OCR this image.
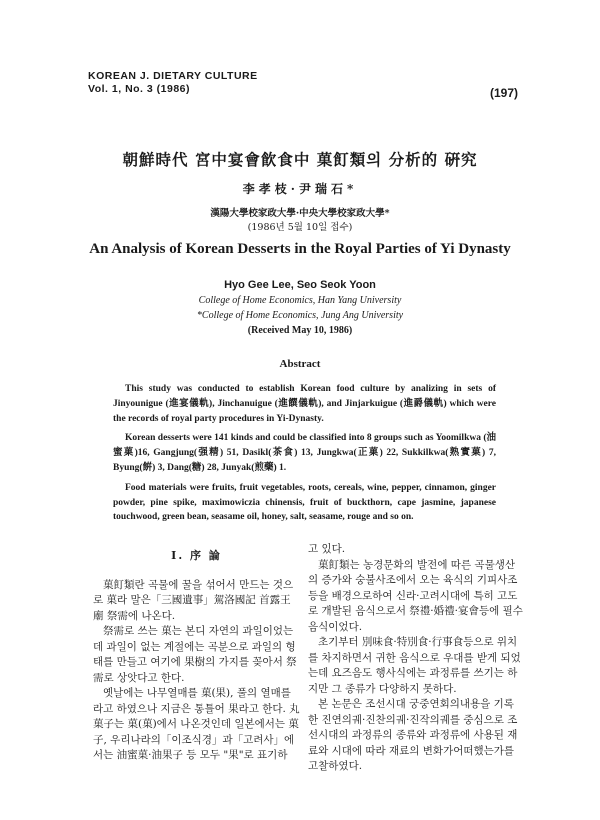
KOREAN J. DIETARY CULTURE
Vol. 1, No. 3 (1986)	(197)
朝鮮時代 宮中宴會飮食中 菓飣類의 分析的 硏究
李孝枝·尹瑞石*
漢陽大學校家政大學·中央大學校家政大學*
(1986년 5월 10일 접수)
An Analysis of Korean Desserts in the Royal Parties of Yi Dynasty
Hyo Gee Lee, Seo Seok Yoon
College of Home Economics, Han Yang University
*College of Home Economics, Jung Ang University
(Received May 10, 1986)
Abstract

This study was conducted to establish Korean food culture by analizing in sets of Jinyounigue (進宴儀軌), Jinchanuigue (進饌儀軌), and Jinjarkuigue (進爵儀軌) which were the records of royal party procedures in Yi-Dynasty.

Korean desserts were 141 kinds and could be classified into 8 groups such as Yoomilkwa (油蜜菓)16, Gangjung(强精) 51, Dasikl(茶食) 13, Jungkwa(正菓) 22, Sukkilkwa(熟實菓) 7, Byung(餠) 3, Dang(糖) 28, Junyak(煎藥) 1.

Food materials were fruits, fruit vegetables, roots, cereals, wine, pepper, cinnamon, ginger powder, pine spike, maximowiczia chinensis, fruit of buckthorn, cape jasmine, japanese touchwood, green bean, seasame oil, honey, salt, seasame, rouge and so on.

I. 序 論

菓飣類란 곡물에 꿀을 섞어서 만드는 것으로 菓라 말은「三國遺事」駕洛國記 首露王廟 祭需에 나온다.

祭需로 쓰는 菓는 본디 자연의 과일이었는데 과일이 없는 계절에는 곡분으로 과일의 형태를 만들고 여기에 果樹의 가지를 꽂아서 祭需로 상앗다고 한다.

옛날에는 나무열매를 菓(果), 풀의 열매를 라고 하였으나 지금은 통틀어 果라고 한다. 丸菓子는 菓(菓)에서 나온것인데 일본에서는 菓子, 우리나라의「이조식경」과「고려사」에서는 油蜜菓·油果子 등 모두 "果"로 표기하

고 있다.

菓飣類는 농경문화의 발전에 따른 곡물생산의 증가와 숭불사조에서 오는 육식의 기피사조 등을 배경으로하여 신라·고려시대에 특히 고도로 개발된 음식으로서 祭禮·婚禮·宴會등에 필수음식이었다.

초기부터 別味食·特別食·行事食등으로 위치를 차지하면서 귀한 음식으로 우대를 받게 되었는데 요즈음도 행사식에는 과정류를 쓰기는 하지만 그 종류가 다양하지 못하다.

본 논문은 조선시대 궁중연회의내용을 기록한 진연의궤·진찬의궤·진작의궤를 중심으로 조선시대의 과정류의 종류와 과정류에 사용된 재료와 시대에 따라 재료의 변화가어떠했는가를 고찰하였다.
